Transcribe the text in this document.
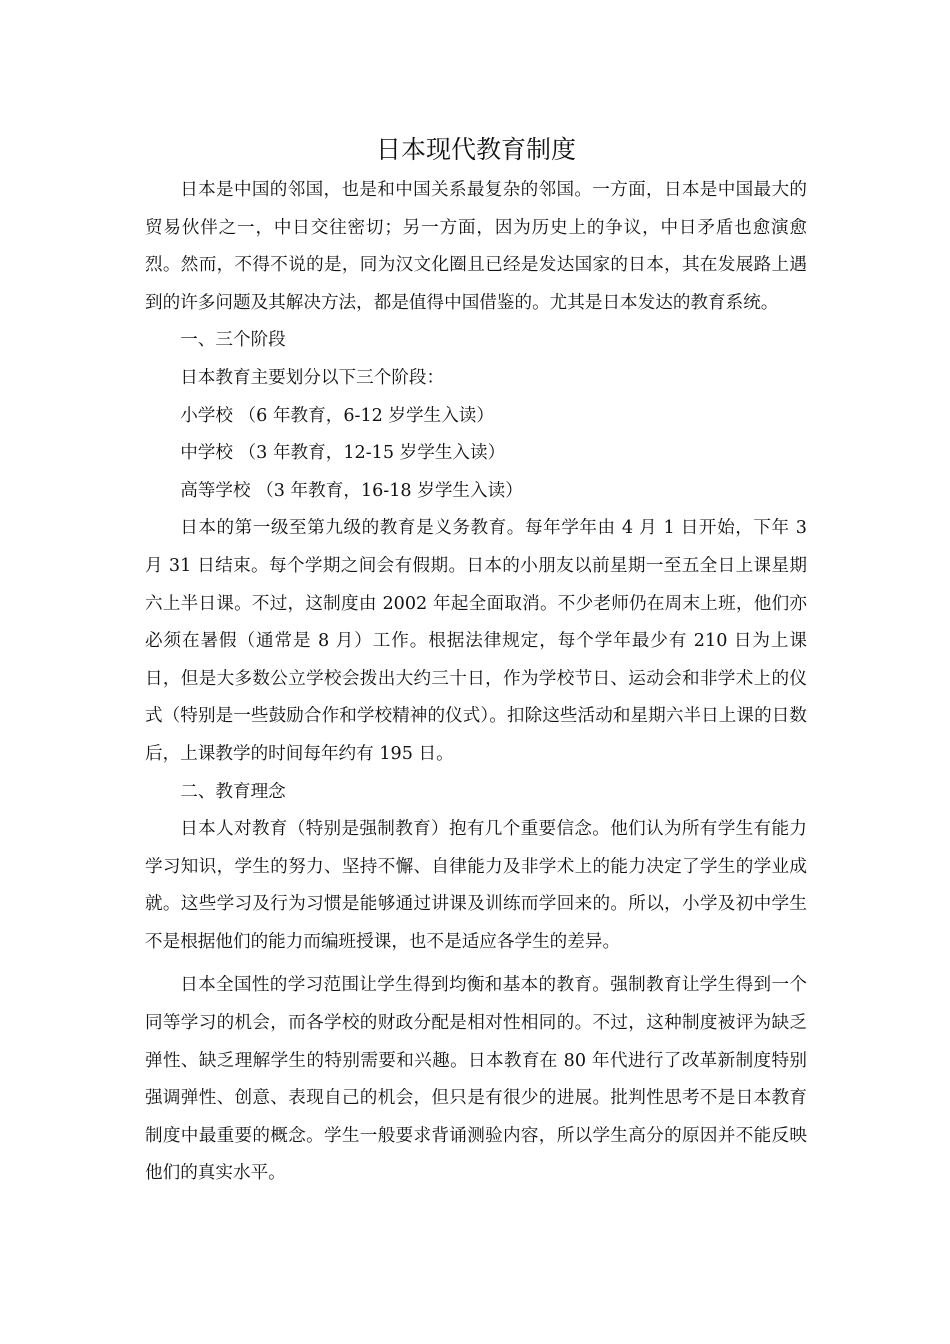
日本现代教育制度

日本是中国的邻国，也是和中国关系最复杂的邻国。一方面，日本是中国最大的贸易伙伴之一，中日交往密切；另一方面，因为历史上的争议，中日矛盾也愈演愈烈。然而，不得不说的是，同为汉文化圈且已经是发达国家的日本，其在发展路上遇到的许多问题及其解决方法，都是值得中国借鉴的。尤其是日本发达的教育系统。

一、三个阶段

日本教育主要划分以下三个阶段：

小学校 （6 年教育，6-12 岁学生入读）

中学校 （3 年教育，12-15 岁学生入读）

高等学校 （3 年教育，16-18 岁学生入读）

日本的第一级至第九级的教育是义务教育。每年学年由 4 月 1 日开始，下年 3 月 31 日结束。每个学期之间会有假期。日本的小朋友以前星期一至五全日上课星期六上半日课。不过，这制度由 2002 年起全面取消。不少老师仍在周末上班，他们亦必须在暑假（通常是 8 月）工作。根据法律规定，每个学年最少有 210 日为上课日，但是大多数公立学校会拨出大约三十日，作为学校节日、运动会和非学术上的仪式（特别是一些鼓励合作和学校精神的仪式）。扣除这些活动和星期六半日上课的日数后，上课教学的时间每年约有 195 日。

二、教育理念

日本人对教育（特别是强制教育）抱有几个重要信念。他们认为所有学生有能力学习知识，学生的努力、坚持不懈、自律能力及非学术上的能力决定了学生的学业成就。这些学习及行为习惯是能够通过讲课及训练而学回来的。所以，小学及初中学生不是根据他们的能力而编班授课，也不是适应各学生的差异。

日本全国性的学习范围让学生得到均衡和基本的教育。强制教育让学生得到一个同等学习的机会，而各学校的财政分配是相对性相同的。不过，这种制度被评为缺乏弹性、缺乏理解学生的特别需要和兴趣。日本教育在 80 年代进行了改革新制度特别强调弹性、创意、表现自己的机会，但只是有很少的进展。批判性思考不是日本教育制度中最重要的概念。学生一般要求背诵测验内容，所以学生高分的原因并不能反映他们的真实水平。
